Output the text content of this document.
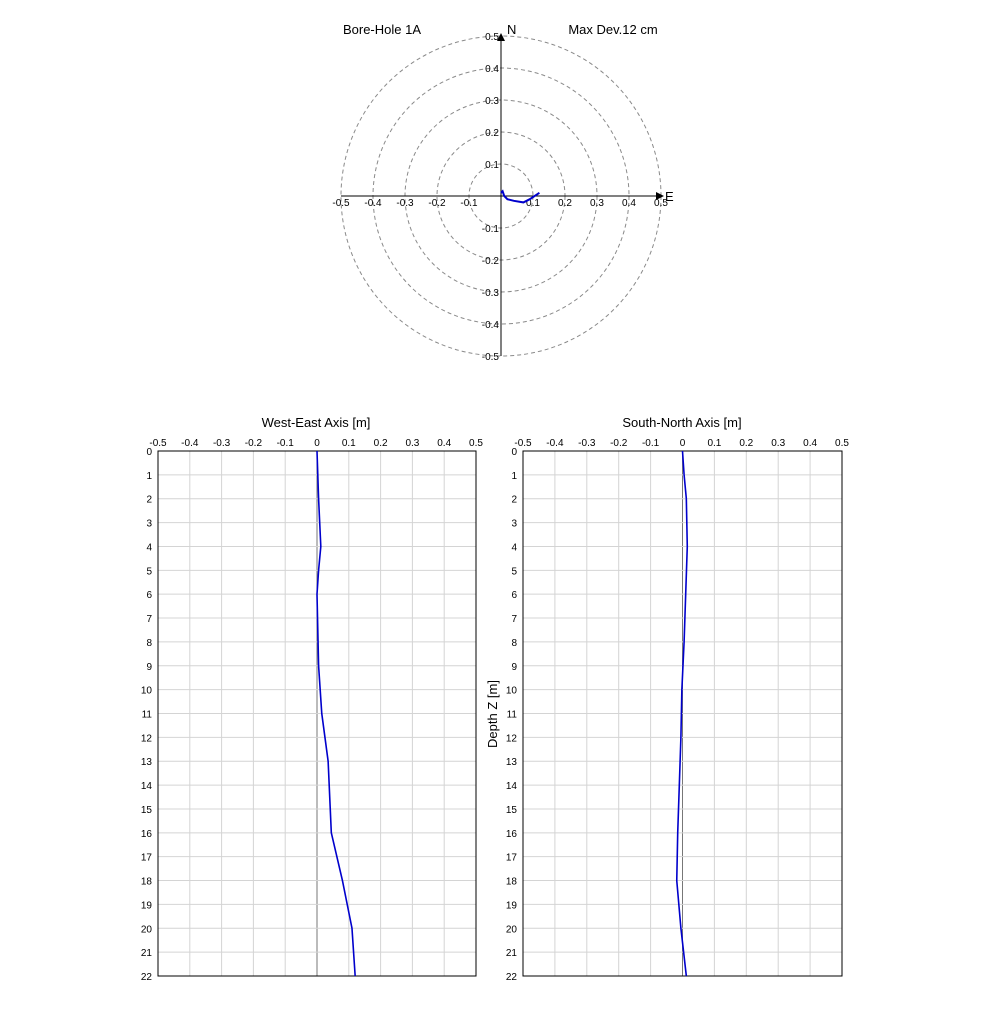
Bore-Hole 1A	Max Dev.12 cm
-0.5 -0.4 -0.3 -0.2 -0.1	0.1 0.2 0.3 0.4 0.5
0.5
0.4
0.3
0.2
0.1
-0.1
-0.2
-0.3
-0.4
-0.5
N
E
West-East Axis [m]
-0.5 -0.4 -0.3 -0.2 -0.1 0 0.1 0.2 0.3 0.4 0.5
0
1
2
3
4
5
6
7
8
9
10
11
12
13
14
15
16
17
18
19
20
21
22
South-North Axis [m]
Depth Z [m]
-0.5 -0.4 -0.3 -0.2 -0.1 0 0.1 0.2 0.3 0.4 0.5
0
1
2
3
4
5
6
7
8
9
10
11
12
13
14
15
16
17
18
19
20
21
22
